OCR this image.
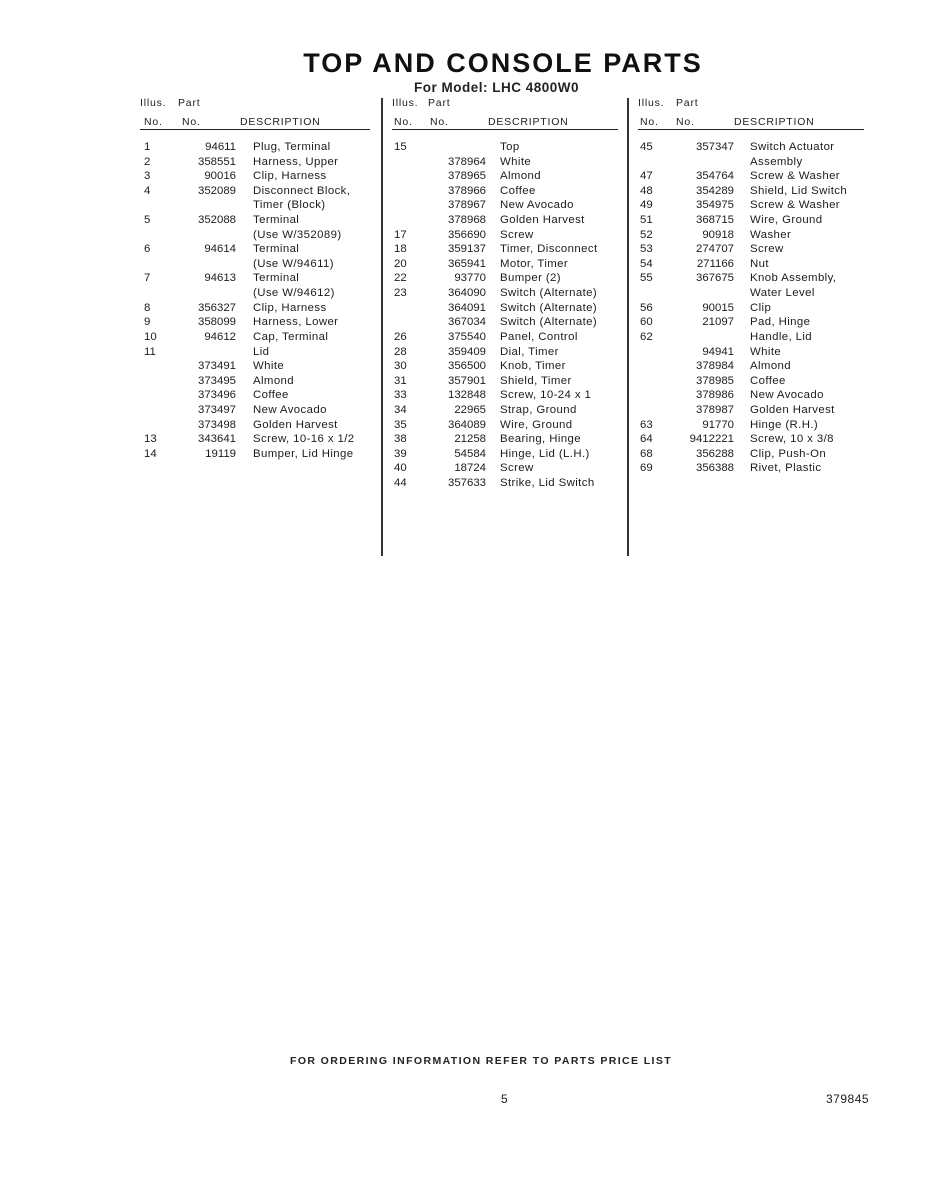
TOP AND CONSOLE PARTS
For Model: LHC 4800W0
Illus. Part
No. No.	DESCRIPTION
1	94611 Plug, Terminal
2	358551 Harness, Upper
3	90016 Clip, Harness
4	352089 Disconnect Block,
Timer (Block)
5	352088 Terminal
(Use W/352089)
6	94614 Terminal
(Use W/94611)
7	94613 Terminal
(Use W/94612)
8	356327 Clip, Harness
9	358099 Harness, Lower
10	94612 Cap, Terminal
11	Lid
373491 White
373495 Almond
373496 Coffee
373497 New Avocado
373498 Golden Harvest
13	343641 Screw, 10-16 x 1/2
14	19119 Bumper, Lid Hinge
Illus. Part
No. No.	DESCRIPTION
15	Top
378964 White
378965 Almond
378966 Coffee
378967 New Avocado
378968 Golden Harvest
17	356690 Screw
18	359137 Timer, Disconnect
20	365941 Motor, Timer
22	93770 Bumper (2)
23	364090 Switch (Alternate)
364091 Switch (Alternate)
367034 Switch (Alternate)
26	375540 Panel, Control
28	359409 Dial, Timer
30	356500 Knob, Timer
31	357901 Shield, Timer
33	132848 Screw, 10-24 x 1
34	22965 Strap, Ground
35	364089 Wire, Ground
38	21258 Bearing, Hinge
39	54584 Hinge, Lid (L.H.)
40	18724 Screw
44	357633 Strike, Lid Switch
Illus. Part
No. No.	DESCRIPTION
45	357347 Switch Actuator
Assembly
47	354764 Screw & Washer
48	354289 Shield, Lid Switch
49	354975 Screw & Washer
51	368715 Wire, Ground
52	90918 Washer
53	274707 Screw
54	271166 Nut
55	367675 Knob Assembly,
Water Level
56	90015 Clip
60	21097 Pad, Hinge
62	Handle, Lid
94941 White
378984 Almond
378985 Coffee
378986 New Avocado
378987 Golden Harvest
63	91770 Hinge (R.H.)
64	9412221 Screw, 10 x 3/8
68	356288 Clip, Push-On
69	356388 Rivet, Plastic
FOR ORDERING INFORMATION REFER TO PARTS PRICE LIST
5	379845
